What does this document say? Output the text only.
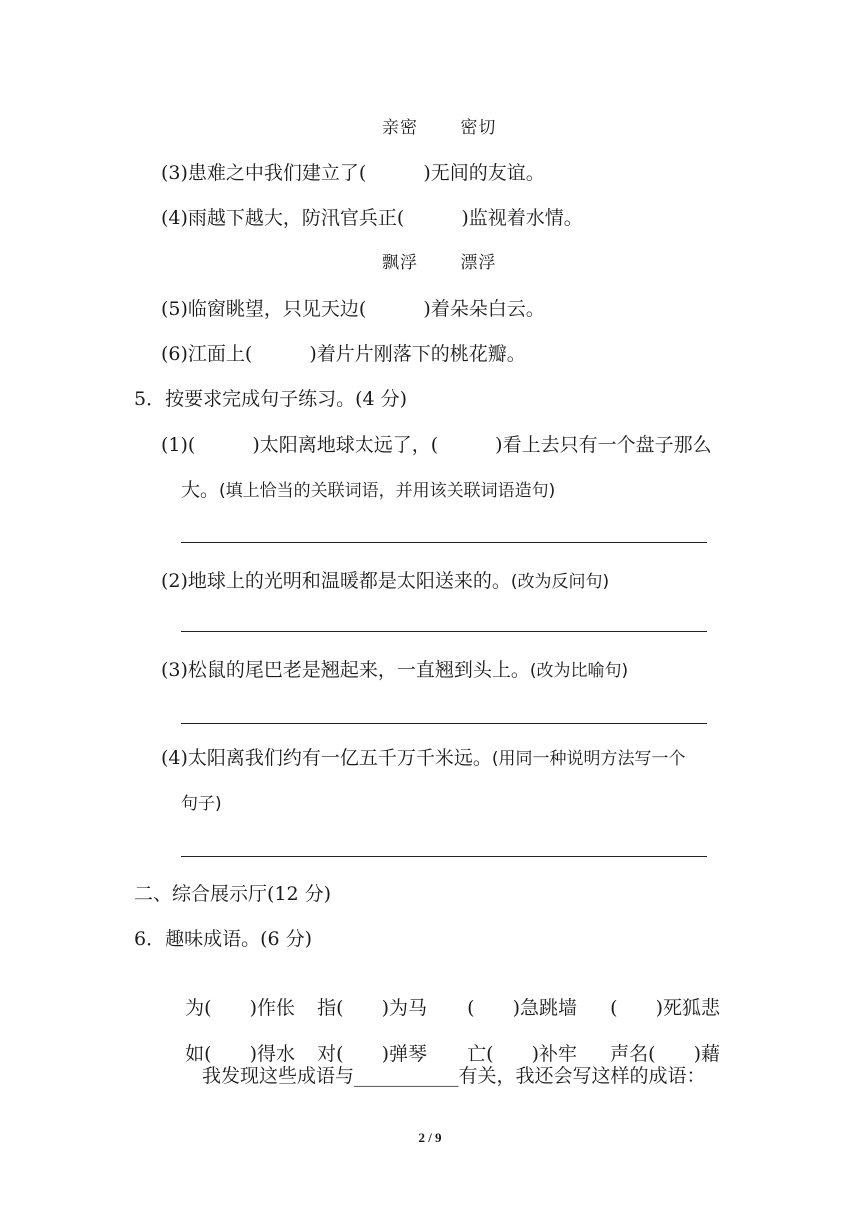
亲密　　 密切
(3)患难之中我们建立了(　　　)无间的友谊。
(4)雨越下越大，防汛官兵正(　　　)监视着水情。
飘浮　　 漂浮
(5)临窗眺望，只见天边(　　　)着朵朵白云。
(6)江面上(　　　)着片片刚落下的桃花瓣。
5．按要求完成句子练习。(4 分)
(1)(　　　)太阳离地球太远了，(　　　)看上去只有一个盘子那么
大。(填上恰当的关联词语，并用该关联词语造句)
(2)地球上的光明和温暖都是太阳送来的。(改为反问句)
(3)松鼠的尾巴老是翘起来，一直翘到头上。(改为比喻句)
(4)太阳离我们约有一亿五千万千米远。(用同一种说明方法写一个
句子)
二、综合展示厅(12 分)
6．趣味成语。(6 分)

为(　　)作伥 指(　　)为马 (　　)急跳墙 (　　)死狐悲

如(　　)得水 对(　　)弹琴 亡(　　)补牢 声名(　　)藉

我发现这些成语与___________有关，我还会写这样的成语：
2 / 9
